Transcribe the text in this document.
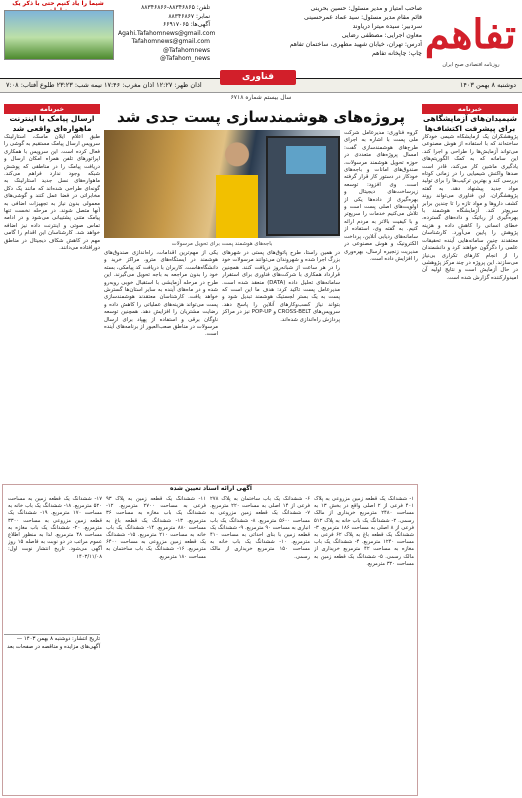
تفاهم
روزنامه اقتصادی صبح ایران
صاحب امتیاز و مدیر مسئول: حسین بحرینی
قائم مقام مدیر مسئول: سید عماد عمرحسینی
سردبیر: سیده میترا دریاوند
معاون اجرایی: مصطفی رضایی
آدرس: تهران، خیابان شهید مطهری، ساختمان تفاهم
چاپ: چاپخانه تفاهم
تلفن: ۸۸۳۴۶۸۶۵-۸۸۳۴۶۸۶۶
نمابر: ۸۸۳۴۶۸۶۷
آگهی‌ها: ۶۶۹۱۷۰۶۵
Agahi.Tafahomnews@gmail.com
Tafahomnews@gmail.com
@Tafahomnews
@Tafahom_news
شیما را یاد کنیم حتی با ذکر یک
دوشنبه ۸ بهمن ۱۴۰۳
اذان ظهر: ۱۲:۲۷ اذان مغرب: ۱۷:۴۶ نیمه شب: ۲۳:۲۳ طلوع آفتاب: ۷:۰۸
فناوری
سال بیستم شماره ۶۷۱۸
خبرنامه
شیمیدان‌های آزمایشگاهی برای پیشرفت اکتشاف‌ها
پژوهشگران یک آزمایشگاه شیمی خودکار ساخته‌اند که با استفاده از هوش مصنوعی می‌تواند آزمایش‌ها را طراحی و اجرا کند. این سامانه که به کمک الگوریتم‌های یادگیری ماشین کار می‌کند، قادر است صدها واکنش شیمیایی را در زمانی کوتاه بررسی کند و بهترین ترکیب‌ها را برای تولید مواد جدید پیشنهاد دهد. به گفته پژوهشگران، این فناوری می‌تواند روند کشف داروها و مواد تازه را تا چندین برابر سریع‌تر کند. آزمایشگاه هوشمند با بهره‌گیری از رباتیک و داده‌های گسترده، خطای انسانی را کاهش داده و هزینه پژوهش را پایین می‌آورد. کارشناسان معتقدند چنین سامانه‌هایی آینده تحقیقات علمی را دگرگون خواهند کرد و دانشمندان را از انجام کارهای تکراری بی‌نیاز می‌سازند. این پروژه در چند مرکز پژوهشی در حال آزمایش است و نتایج اولیه آن امیدوارکننده گزارش شده است.
خبرنامه
ارسال پیامک با اینترنت ماهواره‌ای واقعی شد
طبق اعلام ایلان ماسک، استارلینک سرویس ارسال پیامک مستقیم به گوشی را فعال کرده است. این سرویس با همکاری اپراتورهای تلفن همراه امکان ارسال و دریافت پیامک را در مناطقی که پوشش شبکه وجود ندارد فراهم می‌کند. ماهواره‌های نسل جدید استارلینک به گونه‌ای طراحی شده‌اند که مانند یک دکل مخابراتی در فضا عمل کنند و گوشی‌های معمولی بدون نیاز به تجهیزات اضافی به آنها متصل شوند. در مرحله نخست تنها پیامک متنی پشتیبانی می‌شود و در ادامه تماس صوتی و اینترنت داده نیز اضافه خواهد شد. کارشناسان این اقدام را گامی مهم در کاهش شکاف دیجیتال در مناطق دورافتاده می‌دانند.
تاریخ انتشار: دوشنبه ۸ بهمن ۱۴۰۳ — آگهی‌های مزایده و مناقصه در صفحات بعد
پروژه‌های هوشمندسازی پست جدی شد
باجه‌های هوشمند پست برای تحویل مرسولات
گروه فناوری: مدیرعامل شرکت ملی پست با اشاره به اجرای طرح‌های هوشمندسازی گفت: امسال پروژه‌های متعددی در حوزه تحویل هوشمند مرسولات، صندوق‌های امانات و باجه‌های خودکار در دستور کار قرار گرفته است. وی افزود: توسعه زیرساخت‌های دیجیتال و بهره‌گیری از داده‌ها یکی از اولویت‌های اصلی پست است و تلاش می‌کنیم خدمات را سریع‌تر و با کیفیت بالاتر به مردم ارائه کنیم. به گفته وی، استفاده از سامانه‌های ردیابی آنلاین، پرداخت الکترونیک و هوش مصنوعی در مدیریت زنجیره ارسال، بهره‌وری را افزایش داده است.
در همین راستا، طرح پاتوق‌های پستی در شهرهای بزرگ اجرا شده و شهروندان می‌توانند مرسولات خود را در هر ساعت از شبانه‌روز دریافت کنند. همچنین قرارداد همکاری با شرکت‌های فناوری برای استقرار سامانه‌های تحلیل داده (DATA) منعقد شده است. مدیرعامل پست تاکید کرد: هدف ما این است که پست به یک بستر لجستیک هوشمند تبدیل شود و بتواند نیاز کسب‌وکارهای آنلاین را پاسخ دهد. سرویس‌های CROSS-BELT و POP-UP نیز در مراکز پردازش راه‌اندازی شده‌اند.
یکی از مهم‌ترین اقدامات، راه‌اندازی صندوق‌های هوشمند در ایستگاه‌های مترو، مراکز خرید و دانشگاه‌هاست. کاربران با دریافت کد پیامکی، بسته خود را بدون مراجعه به باجه تحویل می‌گیرند. این طرح در مرحله آزمایشی با استقبال خوبی روبه‌رو شده و در ماه‌های آینده به سایر استان‌ها گسترش خواهد یافت. کارشناسان معتقدند هوشمندسازی پست می‌تواند هزینه‌های عملیاتی را کاهش داده و رضایت مشتریان را افزایش دهد. همچنین توسعه ناوگان برقی و استفاده از پهپاد برای ارسال مرسولات در مناطق صعب‌العبور از برنامه‌های آینده است.
آگهی ارائه اسناد تعیین شده
۱- ششدانگ یک قطعه زمین مزروعی به پلاک ۴۰۱ فرعی از ۲ اصلی واقع در بخش ۱۳ به مساحت ۲۴۸۰ مترمربع خریداری از مالک رسمی. ۲- ششدانگ یک باب خانه به پلاک ۵۱۲ فرعی از ۸ اصلی به مساحت ۱۸۶ مترمربع. ۳- ششدانگ یک قطعه باغ به پلاک ۶۲ فرعی به مساحت ۱۲۴۰ مترمربع. ۴- ششدانگ یک باب مغازه به مساحت ۴۲ مترمربع خریداری از مالک رسمی. ۵- ششدانگ یک قطعه زمین به مساحت ۳۲۰ مترمربع.
۶- ششدانگ یک باب ساختمان به پلاک ۲۷۸ فرعی از ۱۴ اصلی به مساحت ۲۲۰ مترمربع. ۷- ششدانگ یک قطعه زمین مزروعی به مساحت ۵۶۰۰ مترمربع. ۸- ششدانگ یک باب انباری به مساحت ۹۰ مترمربع. ۹- ششدانگ یک قطعه زمین با بنای احداثی به مساحت ۴۱۰ مترمربع. ۱۰- ششدانگ یک باب خانه به مساحت ۱۵۰ مترمربع خریداری از مالک رسمی.
۱۱- ششدانگ یک قطعه زمین به پلاک ۹۳ فرعی به مساحت ۲۷۰۰ مترمربع. ۱۲- ششدانگ یک باب مغازه به مساحت ۳۶ مترمربع. ۱۳- ششدانگ یک قطعه باغ به مساحت ۸۸۰ مترمربع. ۱۴- ششدانگ یک باب خانه به مساحت ۲۱۰ مترمربع. ۱۵- ششدانگ یک قطعه زمین مزروعی به مساحت ۶۴۰۰ مترمربع. ۱۶- ششدانگ یک باب ساختمان به مساحت ۱۸۰ مترمربع.
۱۷- ششدانگ یک قطعه زمین به مساحت ۵۲۰ مترمربع. ۱۸- ششدانگ یک باب خانه به مساحت ۱۷۰ مترمربع. ۱۹- ششدانگ یک قطعه زمین مزروعی به مساحت ۳۳۰۰ مترمربع. ۲۰- ششدانگ یک باب مغازه به مساحت ۴۸ مترمربع. لذا به منظور اطلاع عموم مراتب در دو نوبت به فاصله ۱۵ روز آگهی می‌شود. تاریخ انتشار نوبت اول: ۱۴۰۳/۱۱/۰۸
